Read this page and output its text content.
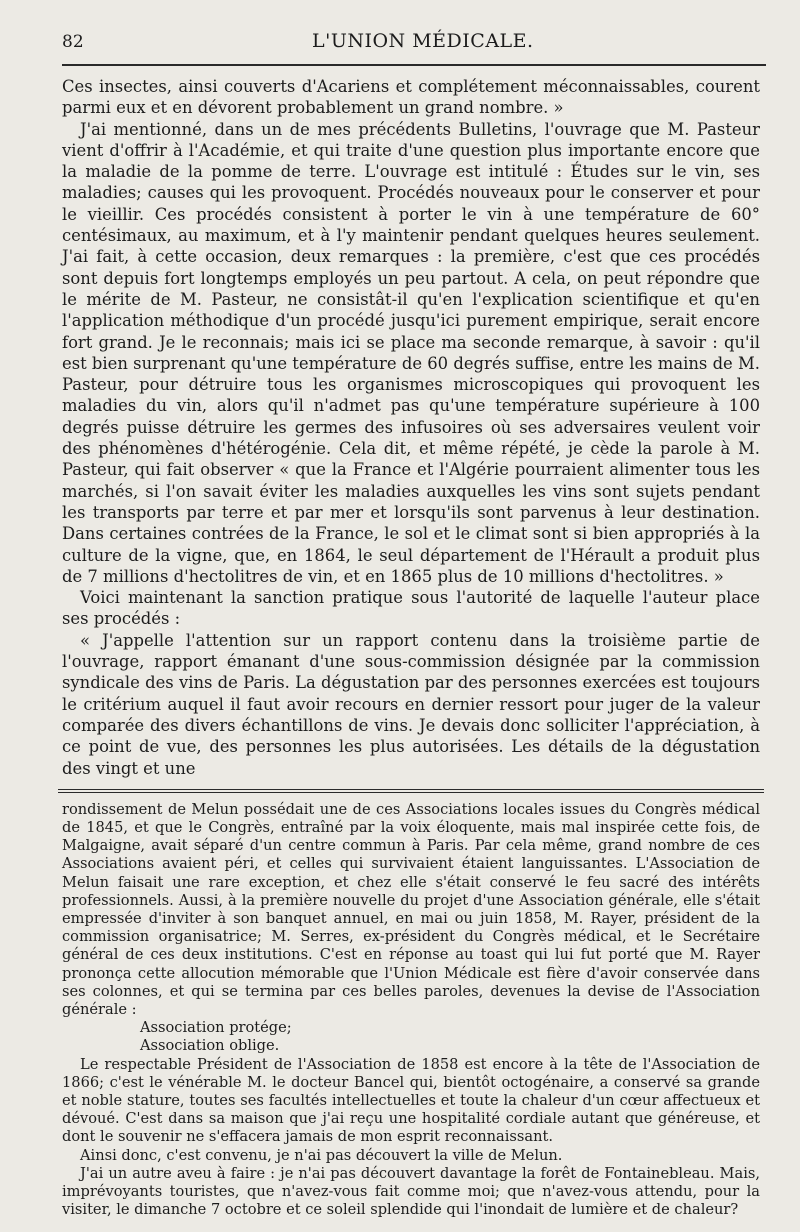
82	L'UNION MÉDICALE.

Ces insectes, ainsi couverts d'Acariens et complétement méconnaissables, courent parmi eux et en dévorent probablement un grand nombre. »

J'ai mentionné, dans un de mes précédents Bulletins, l'ouvrage que M. Pasteur vient d'offrir à l'Académie, et qui traite d'une question plus importante encore que la maladie de la pomme de terre. L'ouvrage est intitulé : Études sur le vin, ses maladies; causes qui les provoquent. Procédés nouveaux pour le conserver et pour le vieillir. Ces procédés consistent à porter le vin à une température de 60° centésimaux, au maximum, et à l'y maintenir pendant quelques heures seulement. J'ai fait, à cette occasion, deux remarques : la première, c'est que ces procédés sont depuis fort longtemps employés un peu partout. A cela, on peut répondre que le mérite de M. Pasteur, ne consistât-il qu'en l'explication scientifique et qu'en l'application méthodique d'un procédé jusqu'ici purement empirique, serait encore fort grand. Je le reconnais; mais ici se place ma seconde remarque, à savoir : qu'il est bien surprenant qu'une température de 60 degrés suffise, entre les mains de M. Pasteur, pour détruire tous les organismes microscopiques qui provoquent les maladies du vin, alors qu'il n'admet pas qu'une température supérieure à 100 degrés puisse détruire les germes des infusoires où ses adversaires veulent voir des phénomènes d'hétérogénie. Cela dit, et même répété, je cède la parole à M. Pasteur, qui fait observer « que la France et l'Algérie pourraient alimenter tous les marchés, si l'on savait éviter les maladies auxquelles les vins sont sujets pendant les transports par terre et par mer et lorsqu'ils sont parvenus à leur destination. Dans certaines contrées de la France, le sol et le climat sont si bien appropriés à la culture de la vigne, que, en 1864, le seul département de l'Hérault a produit plus de 7 millions d'hectolitres de vin, et en 1865 plus de 10 millions d'hectolitres. »

Voici maintenant la sanction pratique sous l'autorité de laquelle l'auteur place ses procédés :

« J'appelle l'attention sur un rapport contenu dans la troisième partie de l'ouvrage, rapport émanant d'une sous-commission désignée par la commission syndicale des vins de Paris. La dégustation par des personnes exercées est toujours le critérium auquel il faut avoir recours en dernier ressort pour juger de la valeur comparée des divers échantillons de vins. Je devais donc solliciter l'appréciation, à ce point de vue, des personnes les plus autorisées. Les détails de la dégustation des vingt et une

rondissement de Melun possédait une de ces Associations locales issues du Congrès médical de 1845, et que le Congrès, entraîné par la voix éloquente, mais mal inspirée cette fois, de Malgaigne, avait séparé d'un centre commun à Paris. Par cela même, grand nombre de ces Associations avaient péri, et celles qui survivaient étaient languissantes. L'Association de Melun faisait une rare exception, et chez elle s'était conservé le feu sacré des intérêts professionnels. Aussi, à la première nouvelle du projet d'une Association générale, elle s'était empressée d'inviter à son banquet annuel, en mai ou juin 1858, M. Rayer, président de la commission organisatrice; M. Serres, ex-président du Congrès médical, et le Secrétaire général de ces deux institutions. C'est en réponse au toast qui lui fut porté que M. Rayer prononça cette allocution mémorable que l'Union Médicale est fière d'avoir conservée dans ses colonnes, et qui se termina par ces belles paroles, devenues la devise de l'Association générale :

Association protége;

Association oblige.

Le respectable Président de l'Association de 1858 est encore à la tête de l'Association de 1866; c'est le vénérable M. le docteur Bancel qui, bientôt octogénaire, a conservé sa grande et noble stature, toutes ses facultés intellectuelles et toute la chaleur d'un cœur affectueux et dévoué. C'est dans sa maison que j'ai reçu une hospitalité cordiale autant que généreuse, et dont le souvenir ne s'effacera jamais de mon esprit reconnaissant.

Ainsi donc, c'est convenu, je n'ai pas découvert la ville de Melun.

J'ai un autre aveu à faire : je n'ai pas découvert davantage la forêt de Fontainebleau. Mais, imprévoyants touristes, que n'avez-vous fait comme moi; que n'avez-vous attendu, pour la visiter, le dimanche 7 octobre et ce soleil splendide qui l'inondait de lumière et de chaleur?
